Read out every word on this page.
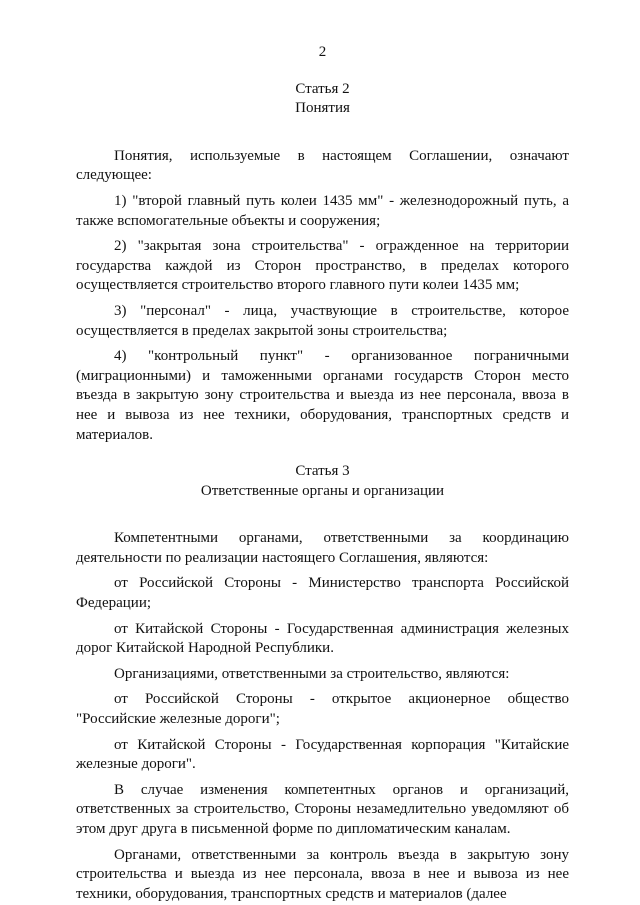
2

Статья 2

Понятия

Понятия, используемые в настоящем Соглашении, означают следующее:

1) "второй главный путь колеи 1435 мм" - железнодорожный путь, а также вспомогательные объекты и сооружения;

2) "закрытая зона строительства" - огражденное на территории государства каждой из Сторон пространство, в пределах которого осуществляется строительство второго главного пути колеи 1435 мм;

3) "персонал" - лица, участвующие в строительстве, которое осуществляется в пределах закрытой зоны строительства;

4) "контрольный пункт" - организованное пограничными (миграционными) и таможенными органами государств Сторон место въезда в закрытую зону строительства и выезда из нее персонала, ввоза в нее и вывоза из нее техники, оборудования, транспортных средств и материалов.

Статья 3

Ответственные органы и организации

Компетентными органами, ответственными за координацию деятельности по реализации настоящего Соглашения, являются:

от Российской Стороны - Министерство транспорта Российской Федерации;

от Китайской Стороны - Государственная администрация железных дорог Китайской Народной Республики.

Организациями, ответственными за строительство, являются:

от Российской Стороны - открытое акционерное общество "Российские железные дороги";

от Китайской Стороны - Государственная корпорация "Китайские железные дороги".

В случае изменения компетентных органов и организаций, ответственных за строительство, Стороны незамедлительно уведомляют об этом друг друга в письменной форме по дипломатическим каналам.

Органами, ответственными за контроль въезда в закрытую зону строительства и выезда из нее персонала, ввоза в нее и вывоза из нее техники, оборудования, транспортных средств и материалов (далее
